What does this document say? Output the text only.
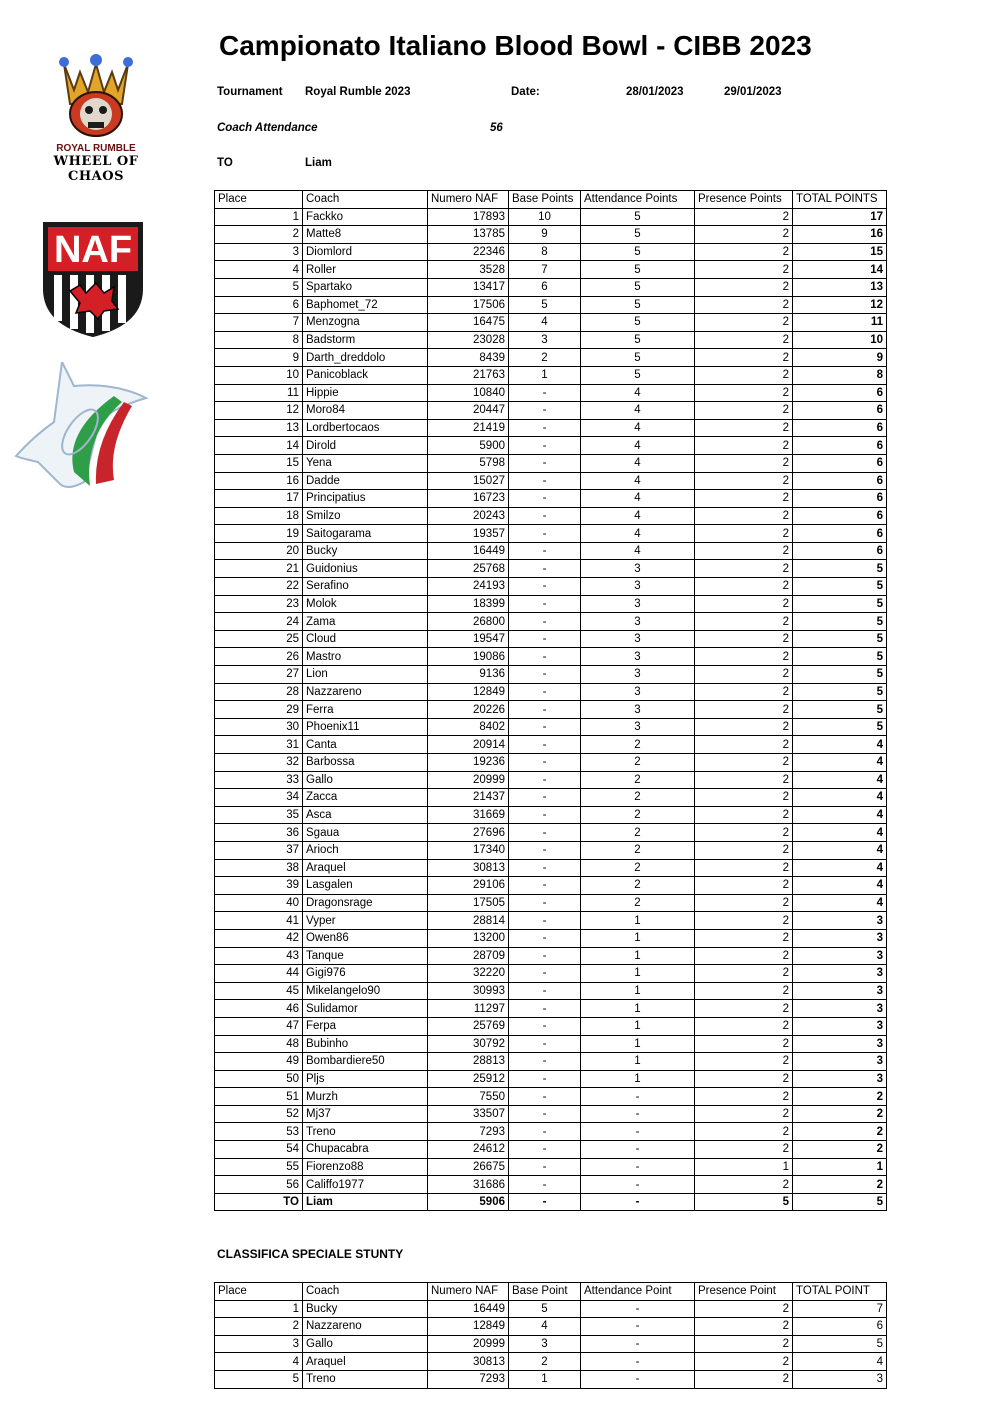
ROYAL RUMBLE
WHEEL OF CHAOS
NAF
Campionato Italiano Blood Bowl - CIBB 2023
Tournament Royal Rumble 2023	Date:	28/01/2023	29/01/2023
Coach Attendance	56
TO	Liam
Place	Coach	Numero NAF	Base Points	Attendance Points	Presence Points	TOTAL POINTS
1	Fackko	17893	10	5	2	17
2	Matte8	13785	9	5	2	16
3	Diomlord	22346	8	5	2	15
4	Roller	3528	7	5	2	14
5	Spartako	13417	6	5	2	13
6	Baphomet_72	17506	5	5	2	12
7	Menzogna	16475	4	5	2	11
8	Badstorm	23028	3	5	2	10
9	Darth_dreddolo	8439	2	5	2	9
10	Panicoblack	21763	1	5	2	8
11	Hippie	10840	-	4	2	6
12	Moro84	20447	-	4	2	6
13	Lordbertocaos	21419	-	4	2	6
14	Dirold	5900	-	4	2	6
15	Yena	5798	-	4	2	6
16	Dadde	15027	-	4	2	6
17	Principatius	16723	-	4	2	6
18	Smilzo	20243	-	4	2	6
19	Saitogarama	19357	-	4	2	6
20	Bucky	16449	-	4	2	6
21	Guidonius	25768	-	3	2	5
22	Serafino	24193	-	3	2	5
23	Molok	18399	-	3	2	5
24	Zama	26800	-	3	2	5
25	Cloud	19547	-	3	2	5
26	Mastro	19086	-	3	2	5
27	Lion	9136	-	3	2	5
28	Nazzareno	12849	-	3	2	5
29	Ferra	20226	-	3	2	5
30	Phoenix11	8402	-	3	2	5
31	Canta	20914	-	2	2	4
32	Barbossa	19236	-	2	2	4
33	Gallo	20999	-	2	2	4
34	Zacca	21437	-	2	2	4
35	Asca	31669	-	2	2	4
36	Sgaua	27696	-	2	2	4
37	Arioch	17340	-	2	2	4
38	Araquel	30813	-	2	2	4
39	Lasgalen	29106	-	2	2	4
40	Dragonsrage	17505	-	2	2	4
41	Vyper	28814	-	1	2	3
42	Owen86	13200	-	1	2	3
43	Tanque	28709	-	1	2	3
44	Gigi976	32220	-	1	2	3
45	Mikelangelo90	30993	-	1	2	3
46	Sulidamor	11297	-	1	2	3
47	Ferpa	25769	-	1	2	3
48	Bubinho	30792	-	1	2	3
49	Bombardiere50	28813	-	1	2	3
50	Pljs	25912	-	1	2	3
51	Murzh	7550	-	-	2	2
52	Mj37	33507	-	-	2	2
53	Treno	7293	-	-	2	2
54	Chupacabra	24612	-	-	2	2
55	Fiorenzo88	26675	-	-	1	1
56	Califfo1977	31686	-	-	2	2
TO	Liam	5906	-	-	5	5
CLASSIFICA SPECIALE STUNTY
Place	Coach	Numero NAF	Base Point	Attendance Point	Presence Point	TOTAL POINT
1	Bucky	16449	5	-	2	7
2	Nazzareno	12849	4	-	2	6
3	Gallo	20999	3	-	2	5
4	Araquel	30813	2	-	2	4
5	Treno	7293	1	-	2	3
